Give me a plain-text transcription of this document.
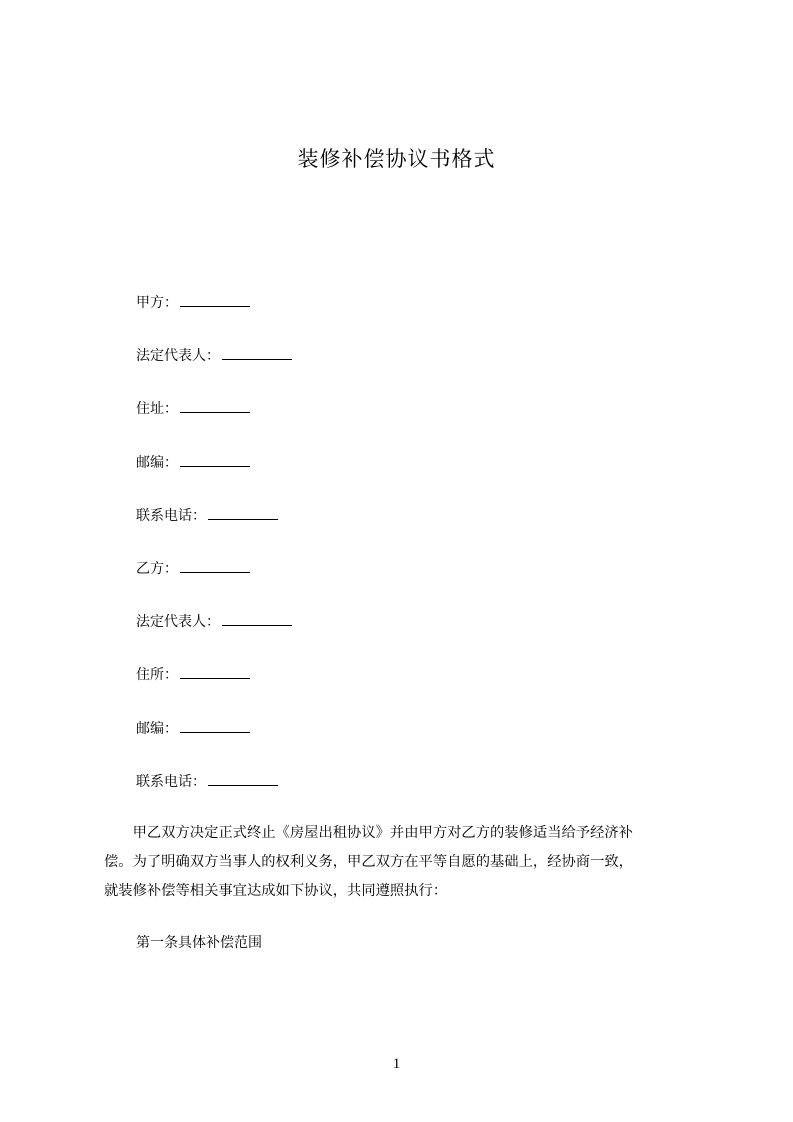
装修补偿协议书格式
甲方：
法定代表人：
住址：
邮编：
联系电话：
乙方：
法定代表人：
住所：
邮编：
联系电话：

　　甲乙双方决定正式终止《房屋出租协议》并由甲方对乙方的装修适当给予经济补

偿。为了明确双方当事人的权利义务，甲乙双方在平等自愿的基础上，经协商一致，

就装修补偿等相关事宜达成如下协议，共同遵照执行：

第一条具体补偿范围
1
